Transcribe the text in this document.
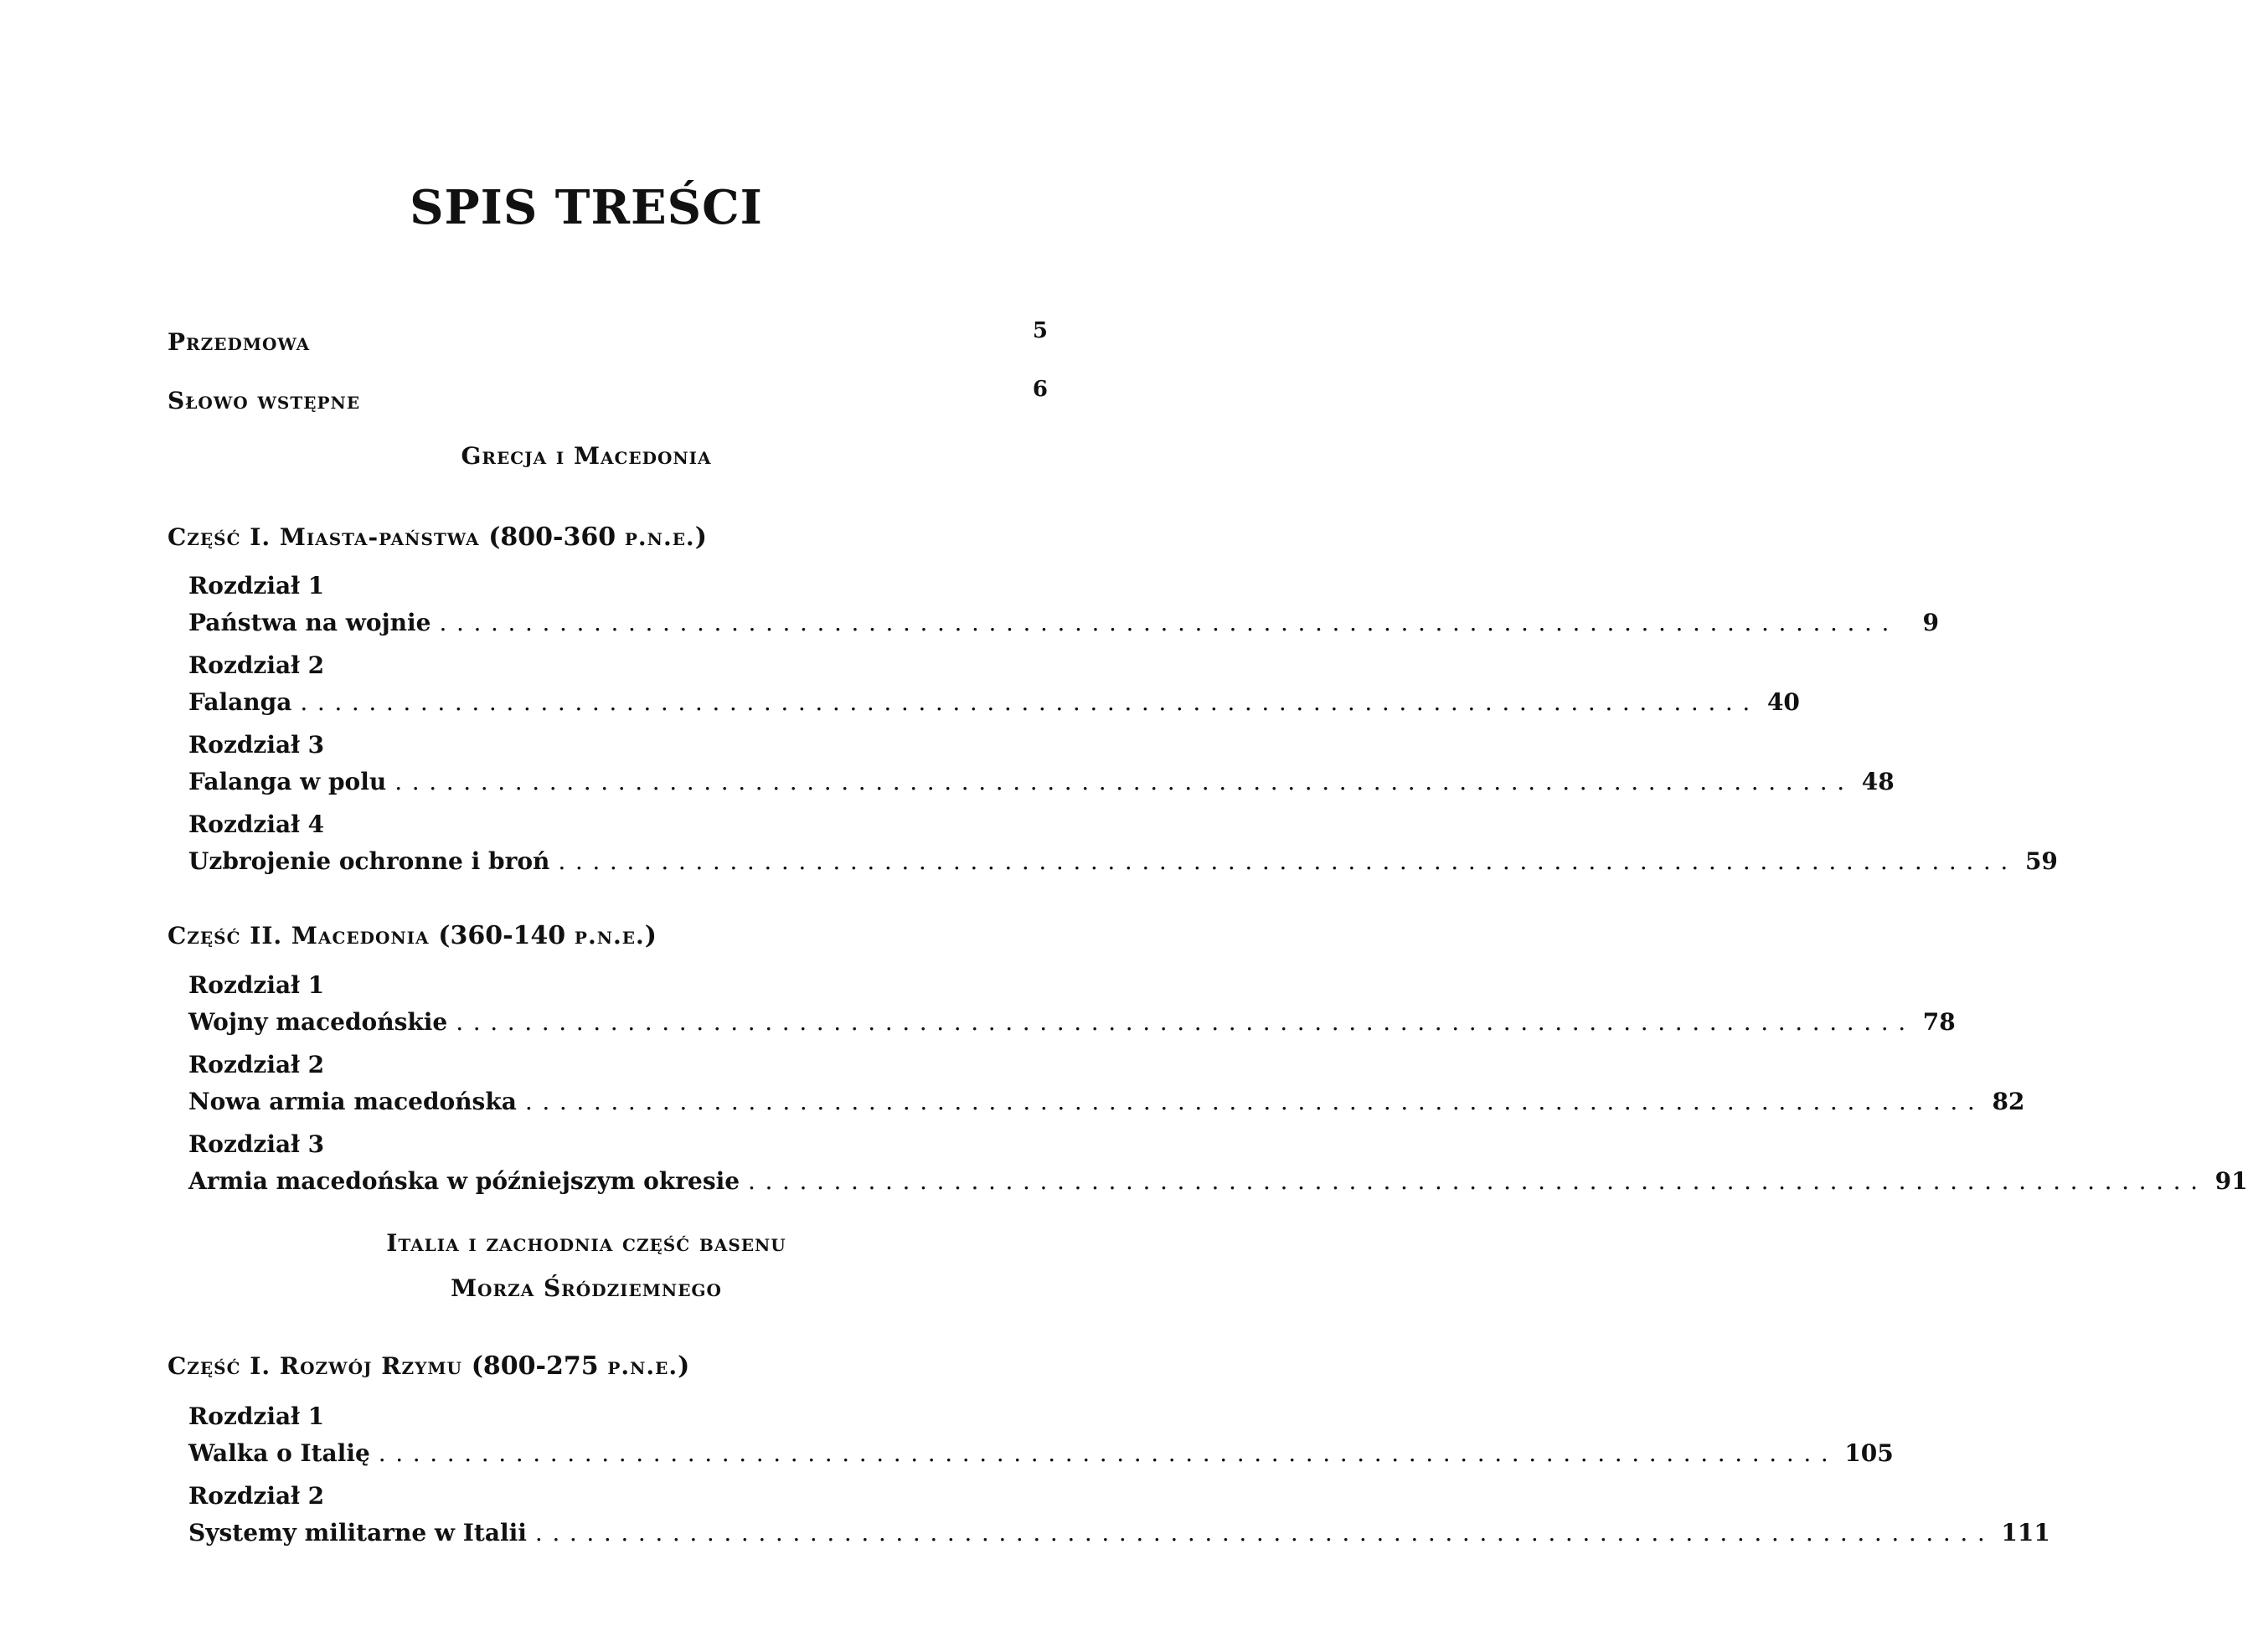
SPIS TREŚCI
Przedmowa	5
Słowo wstępne	6
Grecja i Macedonia
Część I. Miasta-państwa (800-360 p.n.e.)
Rozdział 1
Państwa na wojnie .....................................................................................	9
Rozdział 2
Falanga ..................................................................................... 40
Rozdział 3
Falanga w polu ..................................................................................... 48
Rozdział 4
Uzbrojenie ochronne i broń ..................................................................................... 59
Część II. Macedonia (360-140 p.n.e.)
Rozdział 1
Wojny macedońskie ..................................................................................... 78
Rozdział 2
Nowa armia macedońska ..................................................................................... 82
Rozdział 3
Armia macedońska w późniejszym okresie ..................................................................................... 91
Italia i zachodnia część basenu
Morza Śródziemnego
Część I. Rozwój Rzymu (800-275 p.n.e.)
Rozdział 1
Walka o Italię ..................................................................................... 105
Rozdział 2
Systemy militarne w Italii ..................................................................................... 111
